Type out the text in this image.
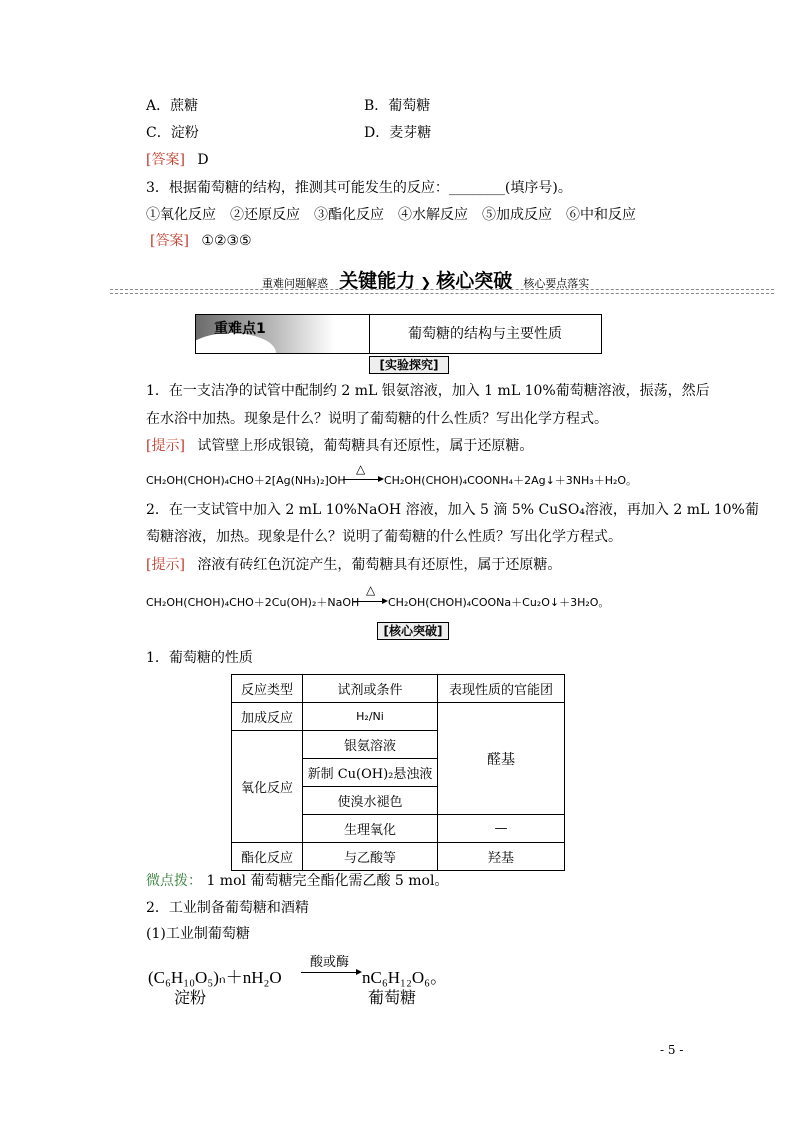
A．蔗糖	B．葡萄糖
C．淀粉	D．麦芽糖
[答案] D
3．根据葡萄糖的结构，推测其可能发生的反应：________(填序号)。
①氧化反应　②还原反应　③酯化反应　④水解反应　⑤加成反应　⑥中和反应
[答案] ①②③⑤
重难问题解惑 关键能力 ❯ 核心突破 核心要点落实
重难点1	葡萄糖的结构与主要性质
[实验探究]
1．在一支洁净的试管中配制约 2 mL 银氨溶液，加入 1 mL 10%葡萄糖溶液，振荡，然后
在水浴中加热。现象是什么？说明了葡萄糖的什么性质？写出化学方程式。
[提示] 试管壁上形成银镜，葡萄糖具有还原性，属于还原糖。
CH₂OH(CHOH)₄CHO＋2[Ag(NH₃)₂]OH
△
CH₂OH(CHOH)₄COONH₄＋2Ag↓＋3NH₃＋H₂O。
2．在一支试管中加入 2 mL 10%NaOH 溶液，加入 5 滴 5% CuSO₄溶液，再加入 2 mL 10%葡
萄糖溶液，加热。现象是什么？说明了葡萄糖的什么性质？写出化学方程式。
[提示] 溶液有砖红色沉淀产生，葡萄糖具有还原性，属于还原糖。
CH₂OH(CHOH)₄CHO＋2Cu(OH)₂＋NaOH
△
CH₂OH(CHOH)₄COONa＋Cu₂O↓＋3H₂O。
[核心突破]
1．葡萄糖的性质
反应类型	试剂或条件	表现性质的官能团
加成反应	H₂/Ni	醛基
氧化反应	银氨溶液	
	新制 Cu(OH)₂悬浊液	
	使溴水褪色	
	生理氧化	—
酯化反应	与乙酸等	羟基
微点拨： 1 mol 葡萄糖完全酯化需乙酸 5 mol。
2．工业制备葡萄糖和酒精
(1)工业制葡萄糖
(C₆H₁₀O₅)ₙ＋nH₂O
酸或酶
nC₆H₁₂O₆。
淀粉	葡萄糖
- 5 -
